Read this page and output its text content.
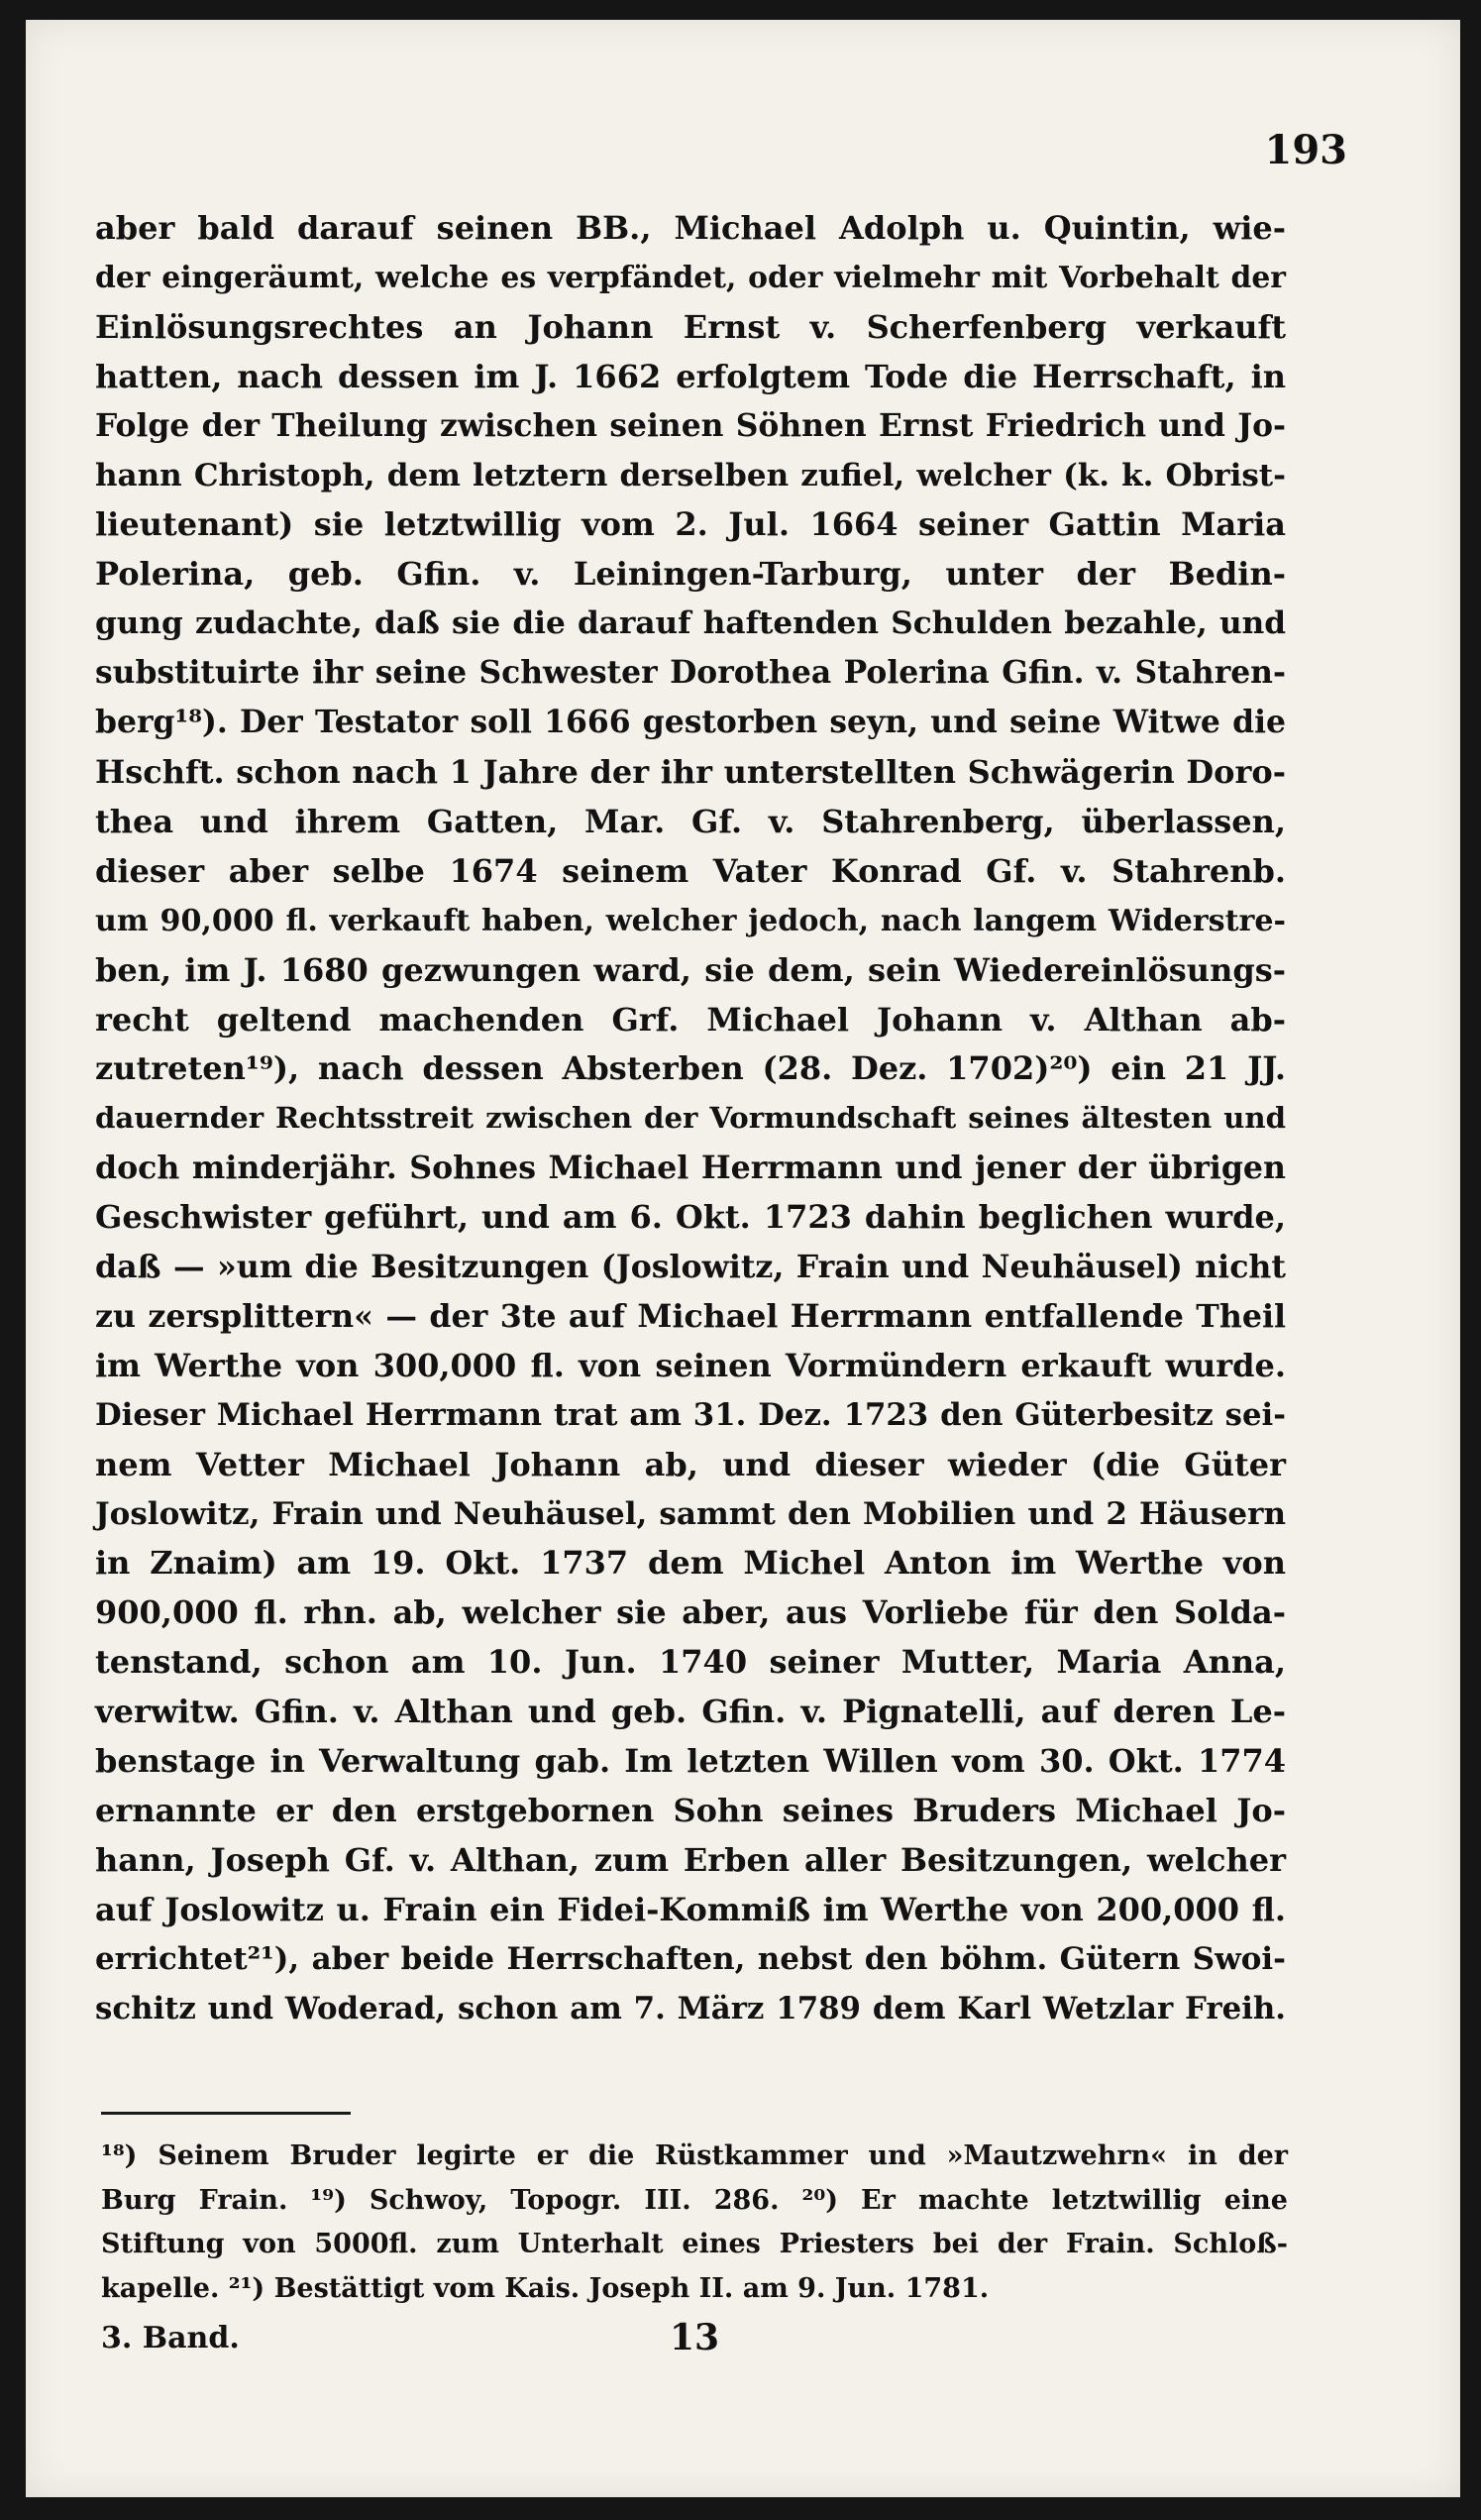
193
aber bald darauf seinen BB., Michael Adolph u. Quintin, wie-
der eingeräumt, welche es verpfändet, oder vielmehr mit Vorbehalt der
Einlösungsrechtes an Johann Ernst v. Scherfenberg verkauft
hatten, nach dessen im J. 1662 erfolgtem Tode die Herrschaft, in
Folge der Theilung zwischen seinen Söhnen Ernst Friedrich und Jo-
hann Christoph, dem letztern derselben zufiel, welcher (k. k. Obrist-
lieutenant) sie letztwillig vom 2. Jul. 1664 seiner Gattin Maria
Polerina, geb. Gfin. v. Leiningen-Tarburg, unter der Bedin-
gung zudachte, daß sie die darauf haftenden Schulden bezahle, und
substituirte ihr seine Schwester Dorothea Polerina Gfin. v. Stahren-
berg¹⁸). Der Testator soll 1666 gestorben seyn, und seine Witwe die
Hschft. schon nach 1 Jahre der ihr unterstellten Schwägerin Doro-
thea und ihrem Gatten, Mar. Gf. v. Stahrenberg, überlassen,
dieser aber selbe 1674 seinem Vater Konrad Gf. v. Stahrenb.
um 90,000 fl. verkauft haben, welcher jedoch, nach langem Widerstre-
ben, im J. 1680 gezwungen ward, sie dem, sein Wiedereinlösungs-
recht geltend machenden Grf. Michael Johann v. Althan ab-
zutreten¹⁹), nach dessen Absterben (28. Dez. 1702)²⁰) ein 21 JJ.
dauernder Rechtsstreit zwischen der Vormundschaft seines ältesten und
doch minderjähr. Sohnes Michael Herrmann und jener der übrigen
Geschwister geführt, und am 6. Okt. 1723 dahin beglichen wurde,
daß — »um die Besitzungen (Joslowitz, Frain und Neuhäusel) nicht
zu zersplittern« — der 3te auf Michael Herrmann entfallende Theil
im Werthe von 300,000 fl. von seinen Vormündern erkauft wurde.
Dieser Michael Herrmann trat am 31. Dez. 1723 den Güterbesitz sei-
nem Vetter Michael Johann ab, und dieser wieder (die Güter
Joslowitz, Frain und Neuhäusel, sammt den Mobilien und 2 Häusern
in Znaim) am 19. Okt. 1737 dem Michel Anton im Werthe von
900,000 fl. rhn. ab, welcher sie aber, aus Vorliebe für den Solda-
tenstand, schon am 10. Jun. 1740 seiner Mutter, Maria Anna,
verwitw. Gfin. v. Althan und geb. Gfin. v. Pignatelli, auf deren Le-
benstage in Verwaltung gab. Im letzten Willen vom 30. Okt. 1774
ernannte er den erstgebornen Sohn seines Bruders Michael Jo-
hann, Joseph Gf. v. Althan, zum Erben aller Besitzungen, welcher
auf Joslowitz u. Frain ein Fidei-Kommiß im Werthe von 200,000 fl.
errichtet²¹), aber beide Herrschaften, nebst den böhm. Gütern Swoi-
schitz und Woderad, schon am 7. März 1789 dem Karl Wetzlar Freih.
¹⁸) Seinem Bruder legirte er die Rüstkammer und »Mautzwehrn« in der
Burg Frain. ¹⁹) Schwoy, Topogr. III. 286. ²⁰) Er machte letztwillig eine
Stiftung von 5000fl. zum Unterhalt eines Priesters bei der Frain. Schloß-
kapelle. ²¹) Bestättigt vom Kais. Joseph II. am 9. Jun. 1781.
3. Band.	13
